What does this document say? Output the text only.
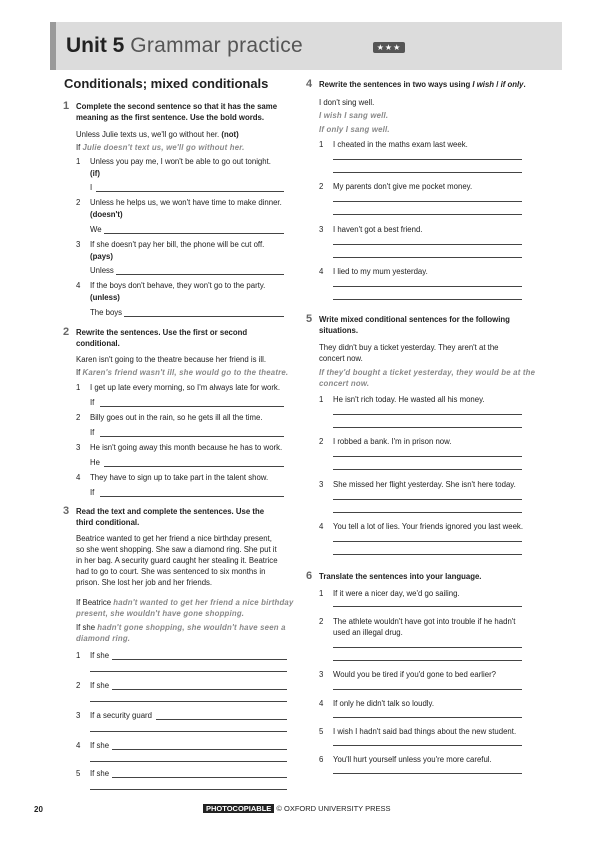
Unit 5 Grammar practice	★★★
Conditionals; mixed conditionals
1 Complete the second sentence so that it has the same
meaning as the first sentence. Use the bold words.
Unless Julie texts us, we'll go without her. (not)
If Julie doesn't text us, we'll go without her.
1 Unless you pay me, I won't be able to go out tonight.
(if)
I
2 Unless he helps us, we won't have time to make dinner.
(doesn't)
We
3 If she doesn't pay her bill, the phone will be cut off.
(pays)
Unless
4 If the boys don't behave, they won't go to the party.
(unless)
The boys
2 Rewrite the sentences. Use the first or second
conditional.
Karen isn't going to the theatre because her friend is ill.
If Karen's friend wasn't ill, she would go to the theatre.
1 I get up late every morning, so I'm always late for work.
If
2 Billy goes out in the rain, so he gets ill all the time.
If
3 He isn't going away this month because he has to work.
He
4 They have to sign up to take part in the talent show.
If
3 Read the text and complete the sentences. Use the
third conditional.
Beatrice wanted to get her friend a nice birthday present,
so she went shopping. She saw a diamond ring. She put it
in her bag. A security guard caught her stealing it. Beatrice
had to go to court. She was sentenced to six months in
prison. She lost her job and her friends.
If Beatrice hadn't wanted to get her friend a nice birthday
present, she wouldn't have gone shopping.
If she hadn't gone shopping, she wouldn't have seen a
diamond ring.
1 If she
2 If she
3 If a security guard
4 If she
5 If she
4 Rewrite the sentences in two ways using I wish / if only.
I don't sing well.
I wish I sang well.
If only I sang well.
1 I cheated in the maths exam last week.
2 My parents don't give me pocket money.
3 I haven't got a best friend.
4 I lied to my mum yesterday.
5 Write mixed conditional sentences for the following
situations.
They didn't buy a ticket yesterday. They aren't at the
concert now.
If they'd bought a ticket yesterday, they would be at the
concert now.
1 He isn't rich today. He wasted all his money.
2 I robbed a bank. I'm in prison now.
3 She missed her flight yesterday. She isn't here today.
4 You tell a lot of lies. Your friends ignored you last week.
6 Translate the sentences into your language.
1 If it were a nicer day, we'd go sailing.
2 The athlete wouldn't have got into trouble if he hadn't
used an illegal drug.
3 Would you be tired if you'd gone to bed earlier?
4 If only he didn't talk so loudly.
5 I wish I hadn't said bad things about the new student.
6 You'll hurt yourself unless you're more careful.
20	PHOTOCOPIABLE © OXFORD UNIVERSITY PRESS
